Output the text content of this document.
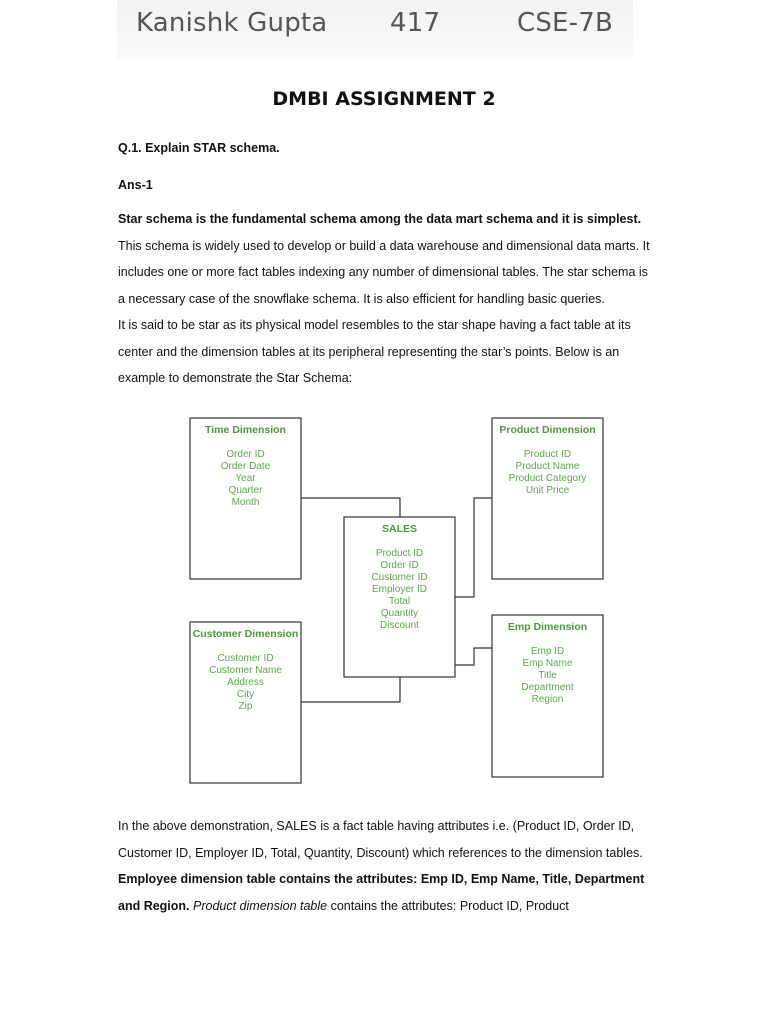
Kanishk Gupta 417	CSE-7B
DMBI ASSIGNMENT 2
Q.1. Explain STAR schema.
Ans-1
Star schema is the fundamental schema among the data mart schema and it is simplest. This schema is widely used to develop or build a data warehouse and dimensional data marts. It includes one or more fact tables indexing any number of dimensional tables. The star schema is a necessary case of the snowflake schema. It is also efficient for handling basic queries.
It is said to be star as its physical model resembles to the star shape having a fact table at its center and the dimension tables at its peripheral representing the star’s points. Below is an example to demonstrate the Star Schema:
Time Dimension
Order ID
Order Date
Year
Quarter
Month
Product Dimension
Product ID
Product Name
Product Category
Unit Price
SALES
Product ID
Order ID
Customer ID
Employer ID
Total
Quantity
Discount
Customer Dimension
Customer ID
Customer Name
Address
City
Zip
Emp Dimension
Emp ID
Emp Name
Title
Department
Region
In the above demonstration, SALES is a fact table having attributes i.e. (Product ID, Order ID, Customer ID, Employer ID, Total, Quantity, Discount) which references to the dimension tables. Employee dimension table contains the attributes: Emp ID, Emp Name, Title, Department and Region. Product dimension table contains the attributes: Product ID, Product
